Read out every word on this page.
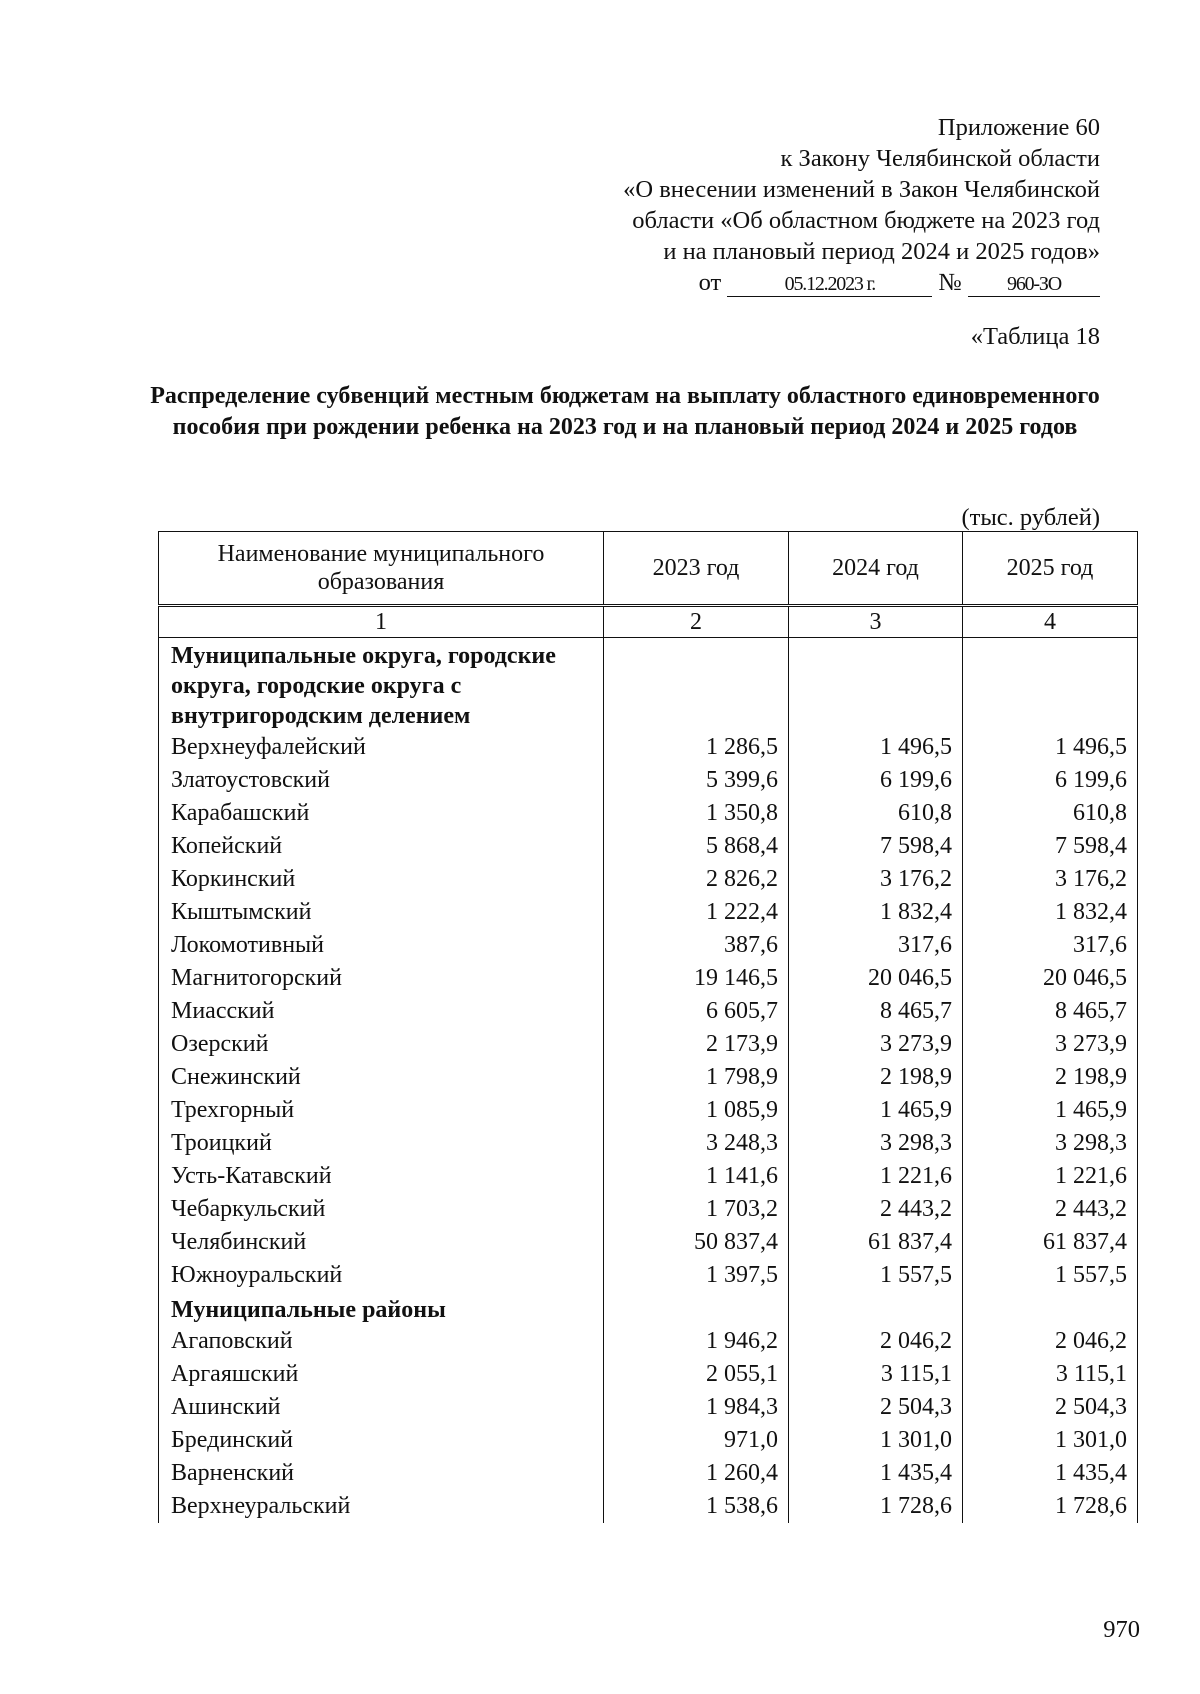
Приложение 60
к Закону Челябинской области
«О внесении изменений в Закон Челябинской
области «Об областном бюджете на 2023 год
и на плановый период 2024 и 2025 годов»
от	05.12.2023 г.	№ 960-ЗО
«Таблица 18
Распределение субвенций местным бюджетам на выплату областного единовременного пособия при рождении ребенка на 2023 год и на плановый период 2024 и 2025 годов
(тыс. рублей)
Наименование муниципального образования	2023 год	2024 год	2025 год
1	2	3	4
Муниципальные округа, городские округа, городские округа с внутригородским делением			
Верхнеуфалейский	1 286,5	1 496,5	1 496,5
Златоустовский	5 399,6	6 199,6	6 199,6
Карабашский	1 350,8	610,8	610,8
Копейский	5 868,4	7 598,4	7 598,4
Коркинский	2 826,2	3 176,2	3 176,2
Кыштымский	1 222,4	1 832,4	1 832,4
Локомотивный	387,6	317,6	317,6
Магнитогорский	19 146,5	20 046,5	20 046,5
Миасский	6 605,7	8 465,7	8 465,7
Озерский	2 173,9	3 273,9	3 273,9
Снежинский	1 798,9	2 198,9	2 198,9
Трехгорный	1 085,9	1 465,9	1 465,9
Троицкий	3 248,3	3 298,3	3 298,3
Усть-Катавский	1 141,6	1 221,6	1 221,6
Чебаркульский	1 703,2	2 443,2	2 443,2
Челябинский	50 837,4	61 837,4	61 837,4
Южноуральский	1 397,5	1 557,5	1 557,5
Муниципальные районы			
Агаповский	1 946,2	2 046,2	2 046,2
Аргаяшский	2 055,1	3 115,1	3 115,1
Ашинский	1 984,3	2 504,3	2 504,3
Брединский	971,0	1 301,0	1 301,0
Варненский	1 260,4	1 435,4	1 435,4
Верхнеуральский	1 538,6	1 728,6	1 728,6
970
